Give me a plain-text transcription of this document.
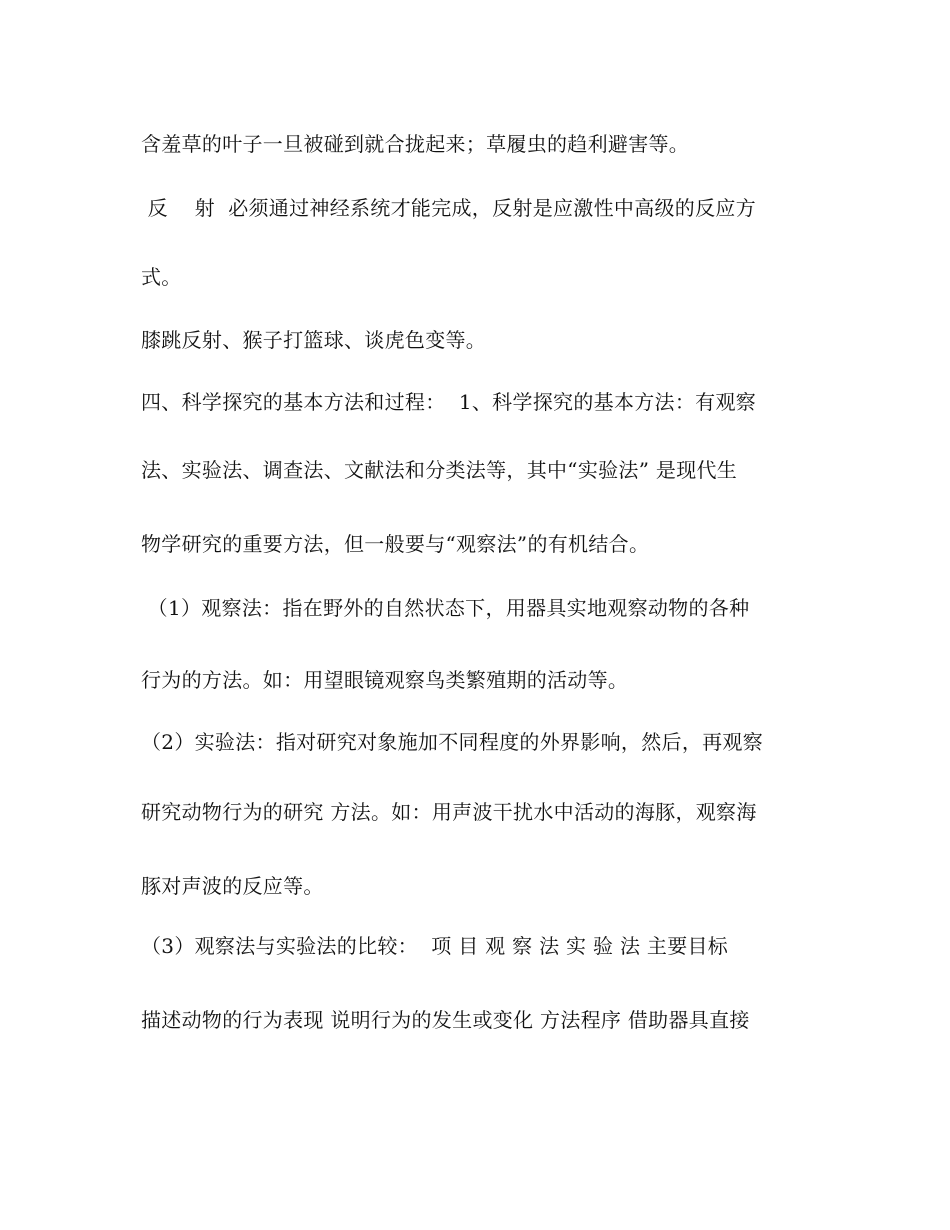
含羞草的叶子一旦被碰到就合拢起来；草履虫的趋利避害等。
反    射  必须通过神经系统才能完成，反射是应激性中高级的反应方
式。
膝跳反射、猴子打篮球、谈虎色变等。
四、科学探究的基本方法和过程：  1、科学探究的基本方法：有观察
法、实验法、调查法、文献法和分类法等，其中“实验法” 是现代生
物学研究的重要方法，但一般要与“观察法”的有机结合。
（1）观察法：指在野外的自然状态下，用器具实地观察动物的各种
行为的方法。如：用望眼镜观察鸟类繁殖期的活动等。
（2）实验法：指对研究对象施加不同程度的外界影响，然后，再观察
研究动物行为的研究 方法。如：用声波干扰水中活动的海豚，观察海
豚对声波的反应等。
（3）观察法与实验法的比较：  项 目 观 察 法 实 验 法 主要目标
描述动物的行为表现 说明行为的发生或变化 方法程序 借助器具直接
